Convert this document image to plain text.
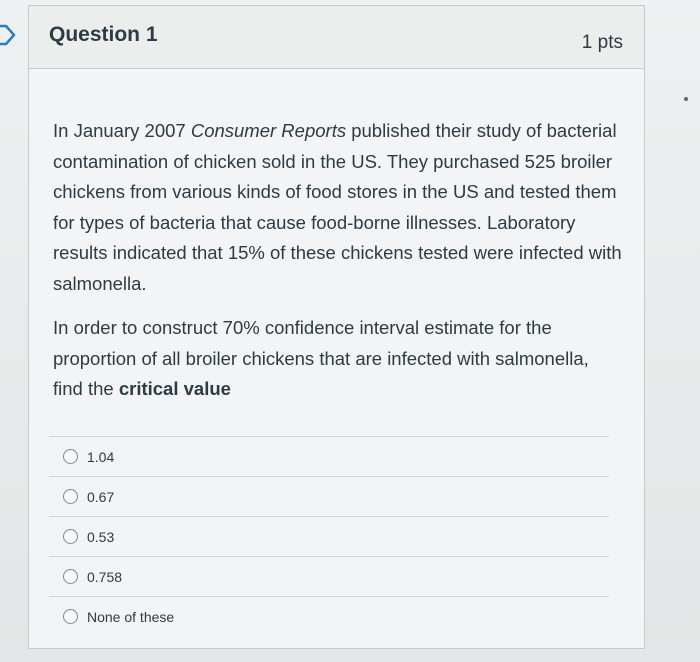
Question 1	1 pts
In January 2007 Consumer Reports published their study of bacterial contamination of chicken sold in the US. They purchased 525 broiler chickens from various kinds of food stores in the US and tested them for types of bacteria that cause food-borne illnesses. Laboratory results indicated that 15% of these chickens tested were infected with salmonella.
In order to construct 70% confidence interval estimate for the proportion of all broiler chickens that are infected with salmonella, find the critical value
1.04
0.67
0.53
0.758
None of these
